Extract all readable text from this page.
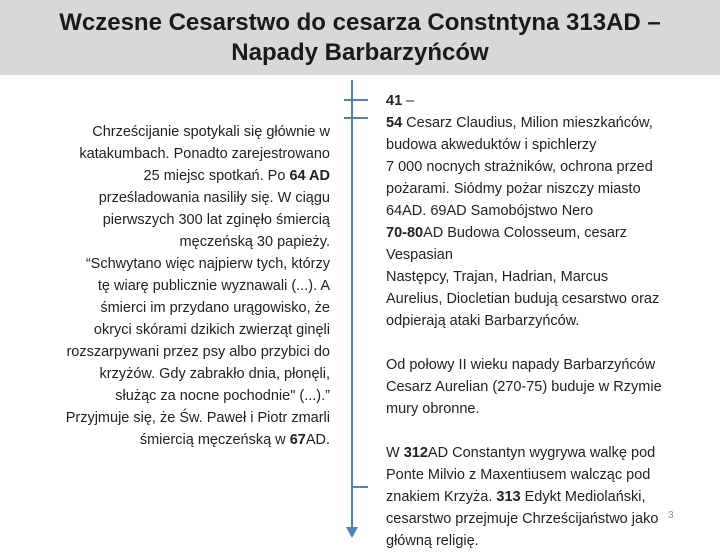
Wczesne Cesarstwo do cesarza Constntyna 313AD –
Napady Barbarzyńców
Chrześcijanie spotykali się głównie w
katakumbach. Ponadto zarejestrowano
25 miejsc spotkań. Po 64 AD
prześladowania nasiliły się. W ciągu
pierwszych 300 lat zginęło śmiercią
męczeńską 30 papieży.
“Schwytano więc najpierw tych, którzy
tę wiarę publicznie wyznawali (...). A
śmierci im przydano urągowisko, że
okryci skórami dzikich zwierząt ginęli
rozszarpywani przez psy albo przybici do
krzyżów. Gdy zabrakło dnia, płonęli,
służąc za nocne pochodnie" (...).”
Przyjmuje się, że Św. Paweł i Piotr zmarli
śmiercią męczeńską w 67AD.
41 –
54 Cesarz Claudius, Milion mieszkańców,
budowa akweduktów i spichlerzy
7 000 nocnych strażników, ochrona przed
pożarami. Siódmy pożar niszczy miasto
64AD. 69AD Samobójstwo Nero
70-80AD Budowa Colosseum, cesarz
Vespasian
Następcy, Trajan, Hadrian, Marcus
Aurelius, Diocletian budują cesarstwo oraz
odpierają ataki Barbarzyńców.
Od połowy II wieku napady Barbarzyńców
Cesarz Aurelian (270-75) buduje w Rzymie
mury obronne.
W 312AD Constantyn wygrywa walkę pod
Ponte Milvio z Maxentiusem walcząc pod
znakiem Krzyża. 313 Edykt Mediolański,
cesarstwo przejmuje Chrześcijaństwo jako
główną religię.
3
